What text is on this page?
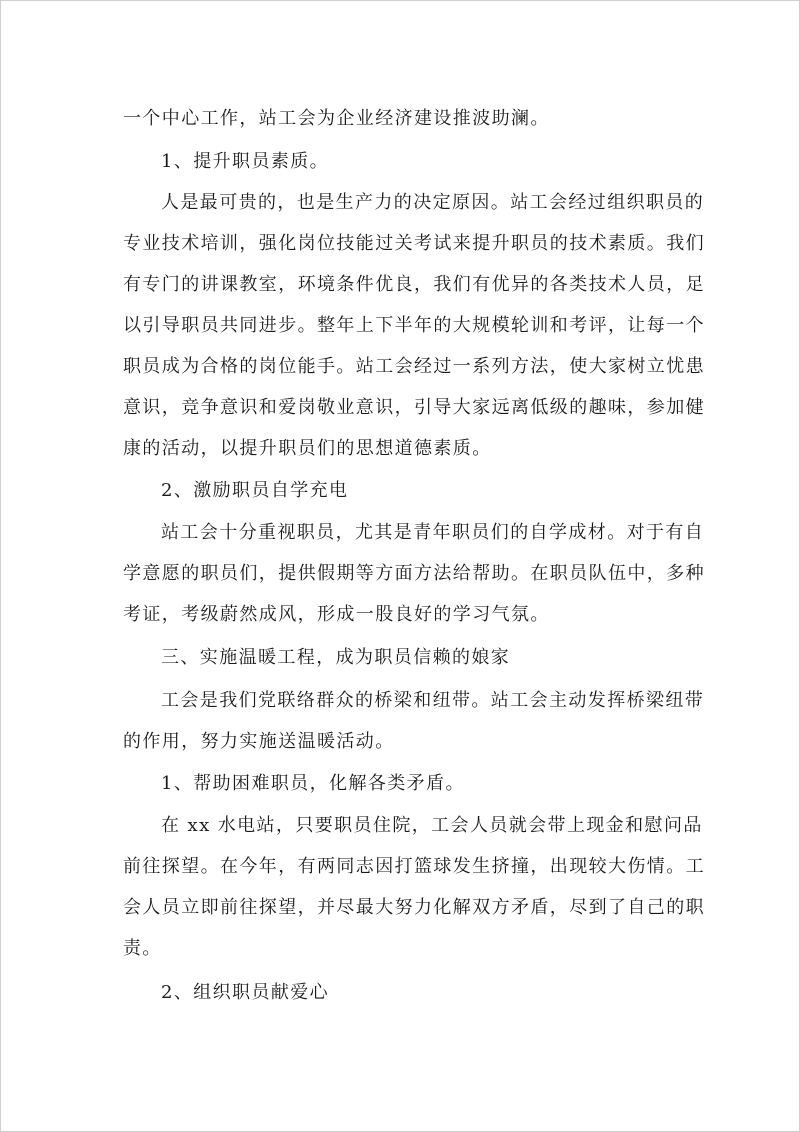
一个中心工作，站工会为企业经济建设推波助澜。
1、提升职员素质。
人是最可贵的，也是生产力的决定原因。站工会经过组织职员的
专业技术培训，强化岗位技能过关考试来提升职员的技术素质。我们
有专门的讲课教室，环境条件优良，我们有优异的各类技术人员，足
以引导职员共同进步。整年上下半年的大规模轮训和考评，让每一个
职员成为合格的岗位能手。站工会经过一系列方法，使大家树立忧患
意识，竞争意识和爱岗敬业意识，引导大家远离低级的趣味，参加健
康的活动，以提升职员们的思想道德素质。
2、激励职员自学充电
站工会十分重视职员，尤其是青年职员们的自学成材。对于有自
学意愿的职员们，提供假期等方面方法给帮助。在职员队伍中，多种
考证，考级蔚然成风，形成一股良好的学习气氛。
三、实施温暖工程，成为职员信赖的娘家
工会是我们党联络群众的桥梁和纽带。站工会主动发挥桥梁纽带
的作用，努力实施送温暖活动。
1、帮助困难职员，化解各类矛盾。
在 xx 水电站，只要职员住院，工会人员就会带上现金和慰问品
前往探望。在今年，有两同志因打篮球发生挤撞，出现较大伤情。工
会人员立即前往探望，并尽最大努力化解双方矛盾，尽到了自己的职
责。
2、组织职员献爱心
